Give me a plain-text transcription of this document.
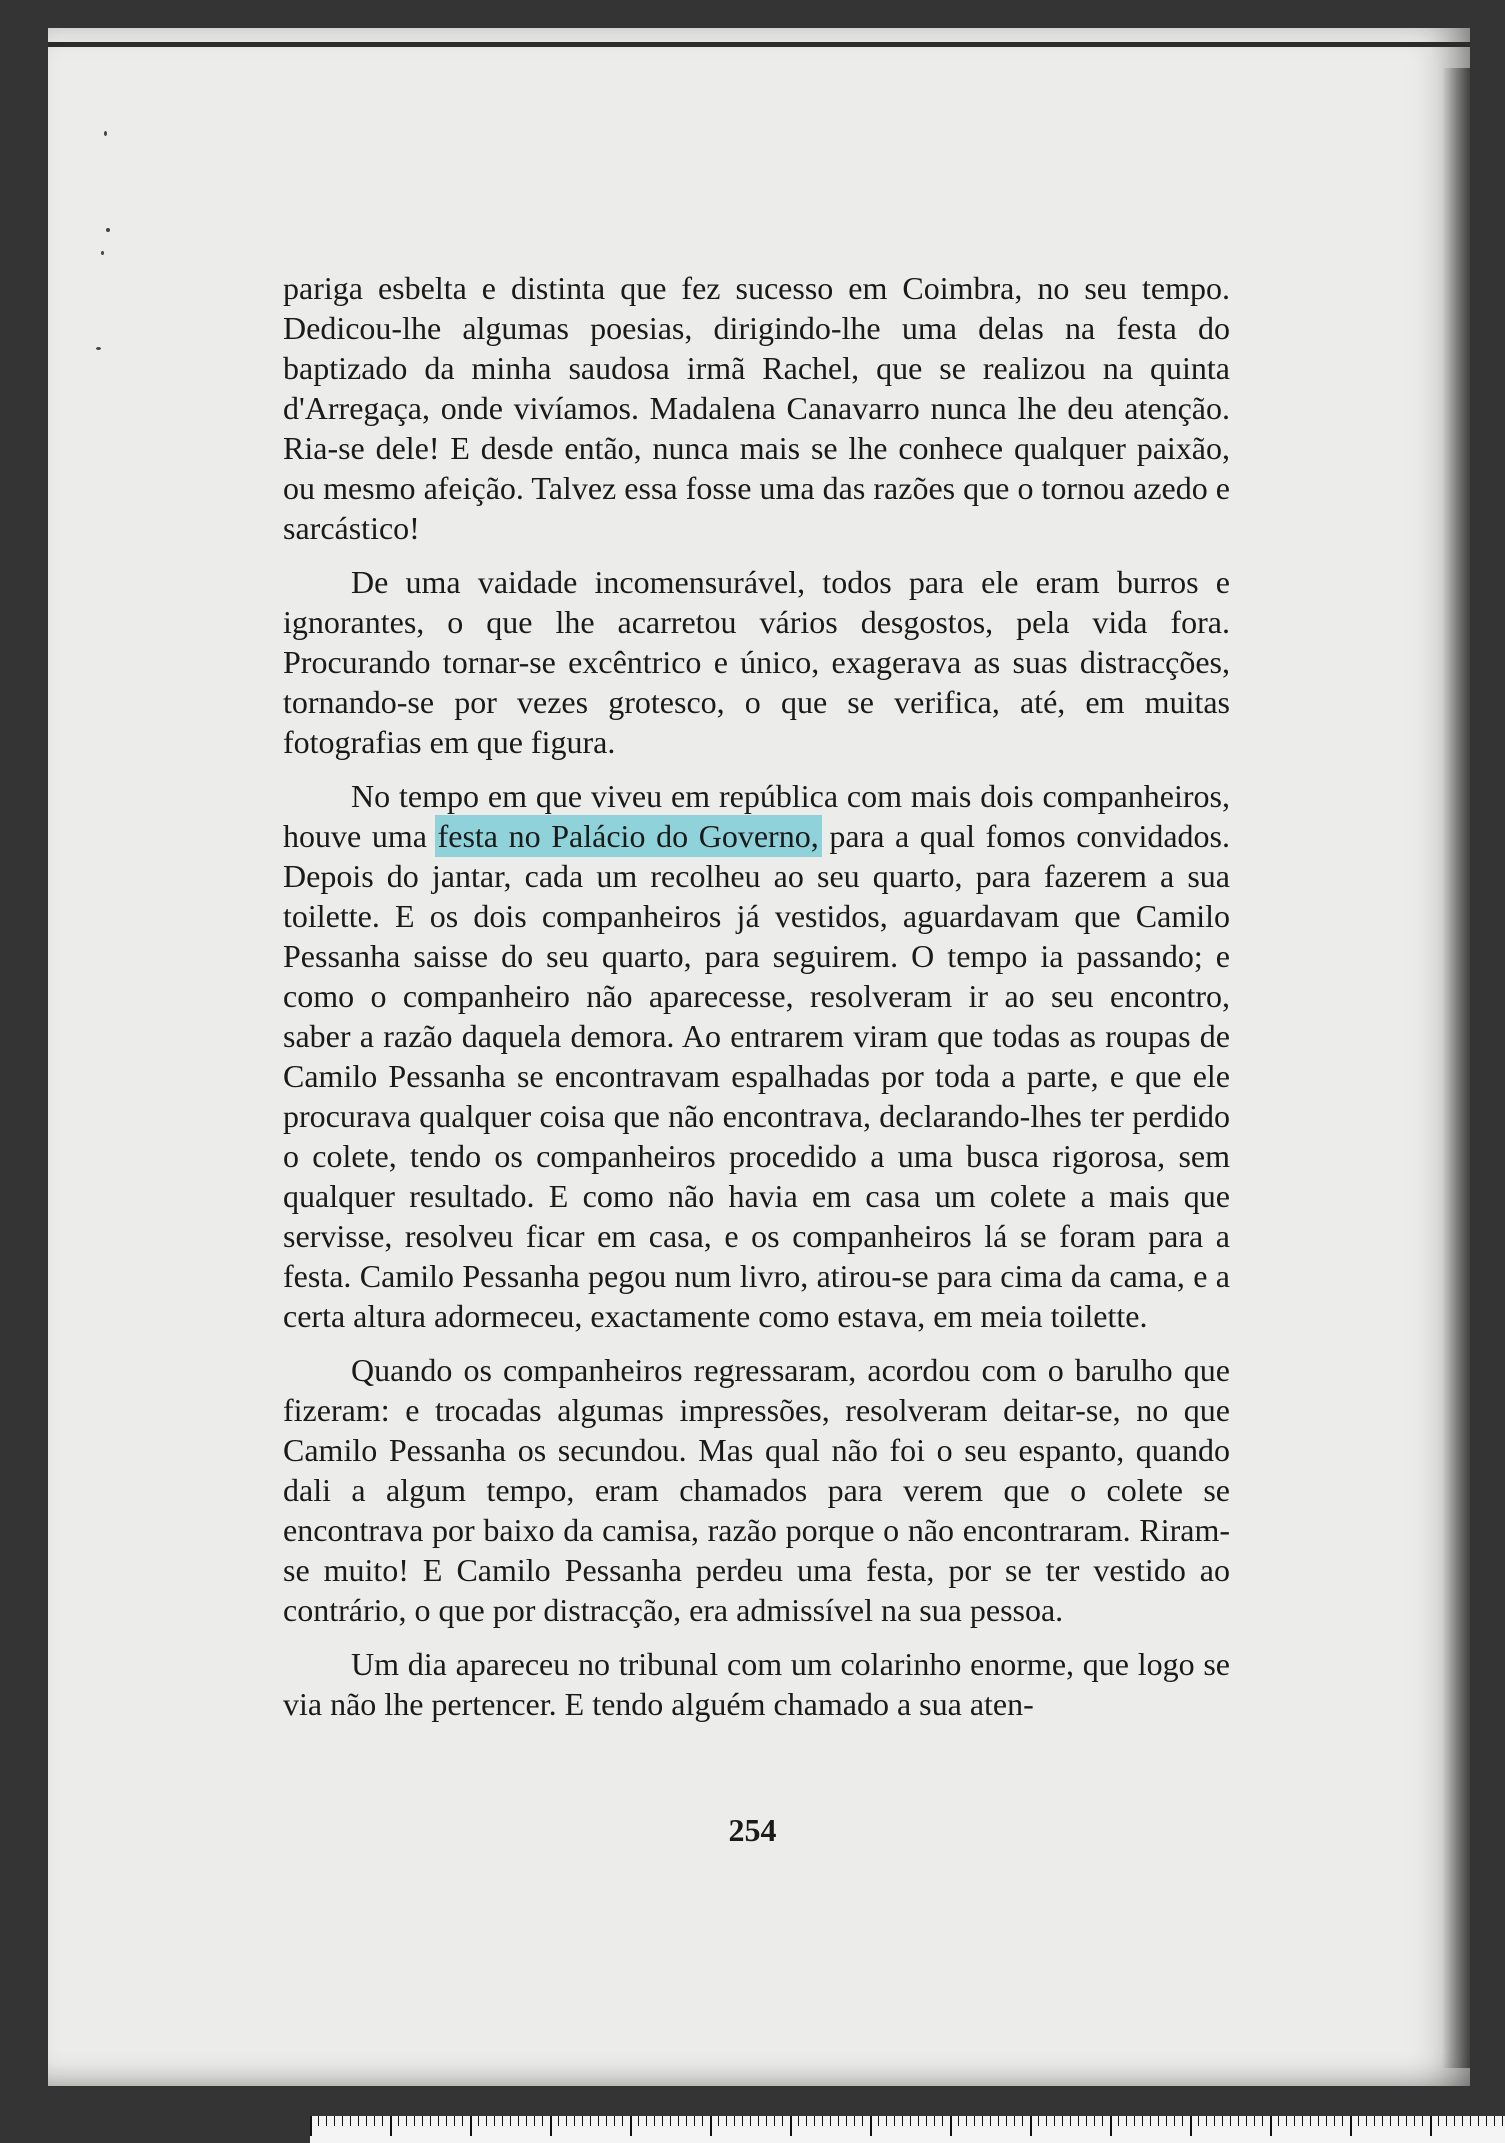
pariga esbelta e distinta que fez sucesso em Coimbra, no seu tempo. Dedicou-lhe algumas poesias, dirigindo-lhe uma delas na festa do baptizado da minha saudosa irmã Rachel, que se realizou na quinta d'Arregaça, onde vivíamos. Madalena Canavarro nunca lhe deu atenção. Ria-se dele! E desde então, nunca mais se lhe conhece qualquer paixão, ou mesmo afeição. Talvez essa fosse uma das razões que o tornou azedo e sarcástico!

De uma vaidade incomensurável, todos para ele eram burros e ignorantes, o que lhe acarretou vários desgostos, pela vida fora. Procurando tornar-se excêntrico e único, exagerava as suas distracções, tornando-se por vezes grotesco, o que se verifica, até, em muitas fotografias em que figura.

No tempo em que viveu em república com mais dois companheiros, houve uma festa no Palácio do Governo, para a qual fomos convidados. Depois do jantar, cada um recolheu ao seu quarto, para fazerem a sua toilette. E os dois companheiros já vestidos, aguardavam que Camilo Pessanha saisse do seu quarto, para seguirem. O tempo ia passando; e como o companheiro não aparecesse, resolveram ir ao seu encontro, saber a razão daquela demora. Ao entrarem viram que todas as roupas de Camilo Pessanha se encontravam espalhadas por toda a parte, e que ele procurava qualquer coisa que não encontrava, declarando-lhes ter perdido o colete, tendo os companheiros procedido a uma busca rigorosa, sem qualquer resultado. E como não havia em casa um colete a mais que servisse, resolveu ficar em casa, e os companheiros lá se foram para a festa. Camilo Pessanha pegou num livro, atirou-se para cima da cama, e a certa altura adormeceu, exactamente como estava, em meia toilette.

Quando os companheiros regressaram, acordou com o barulho que fizeram: e trocadas algumas impressões, resolveram deitar-se, no que Camilo Pessanha os secundou. Mas qual não foi o seu espanto, quando dali a algum tempo, eram chamados para verem que o colete se encontrava por baixo da camisa, razão porque o não encontraram. Riram-se muito! E Camilo Pessanha perdeu uma festa, por se ter vestido ao contrário, o que por distracção, era admissível na sua pessoa.

Um dia apareceu no tribunal com um colarinho enorme, que logo se via não lhe pertencer. E tendo alguém chamado a sua aten-

254
